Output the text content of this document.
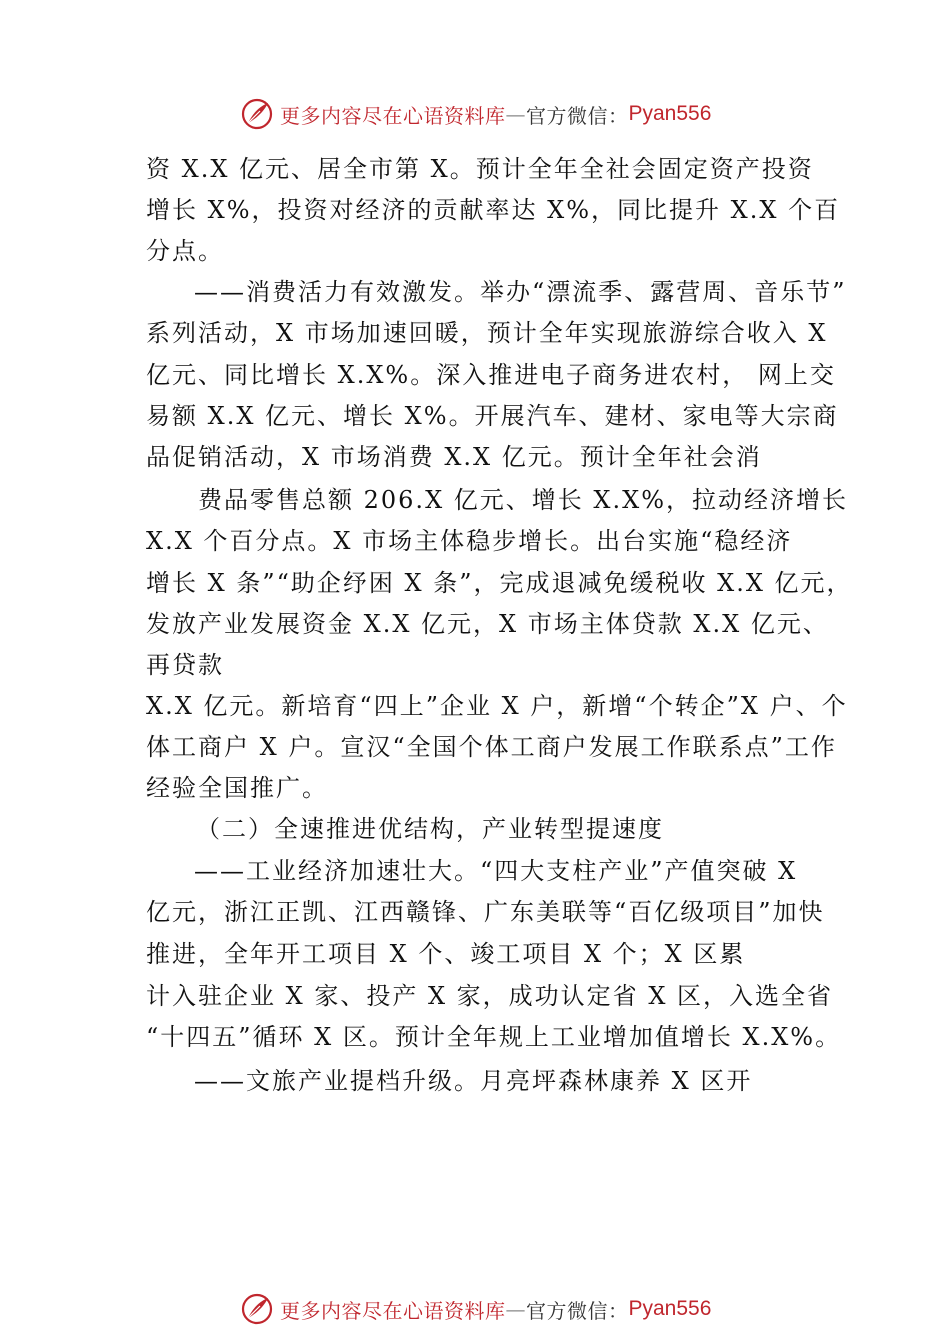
更多内容尽在心语资料库 — 官方微信： Pyan556
资 X.X 亿元、居全市第 X。预计全年全社会固定资产投资
增长 X%，投资对经济的贡献率达 X%，同比提升 X.X 个百
分点。
——消费活力有效激发。举办“漂流季、露营周、音乐节”
系列活动，X 市场加速回暖，预计全年实现旅游综合收入 X
亿元、同比增长 X.X%。深入推进电子商务进农村， 网上交
易额 X.X 亿元、增长 X%。开展汽车、建材、家电等大宗商
品促销活动，X 市场消费 X.X 亿元。预计全年社会消
费品零售总额 206.X 亿元、增长 X.X%，拉动经济增长
X.X 个百分点。X 市场主体稳步增长。出台实施“稳经济
增长 X 条”“助企纾困 X 条”，完成退减免缓税收 X.X 亿元，
发放产业发展资金 X.X 亿元，X 市场主体贷款 X.X 亿元、
再贷款
X.X 亿元。新培育“四上”企业 X 户，新增“个转企”X 户、个
体工商户 X 户。宣汉“全国个体工商户发展工作联系点”工作
经验全国推广。
（二）全速推进优结构，产业转型提速度
——工业经济加速壮大。“四大支柱产业”产值突破 X
亿元，浙江正凯、江西赣锋、广东美联等“百亿级项目”加快
推进，全年开工项目 X 个、竣工项目 X 个；X 区累
计入驻企业 X 家、投产 X 家，成功认定省 X 区，入选全省
“十四五”循环 X 区。预计全年规上工业增加值增长 X.X%。
——文旅产业提档升级。月亮坪森林康养 X 区开
更多内容尽在心语资料库 — 官方微信： Pyan556
